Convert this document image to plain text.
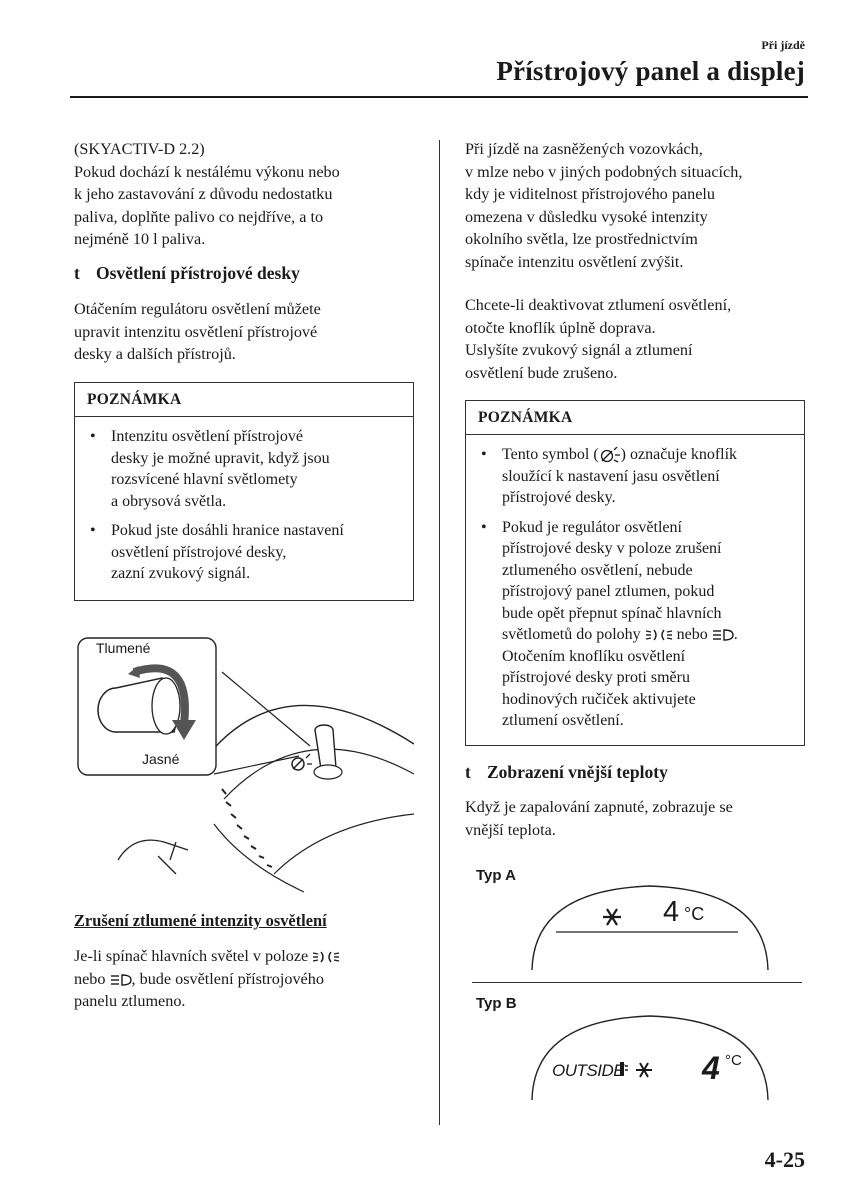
Při jízdě
Přístrojový panel a displej
(SKYACTIV-D 2.2)
Pokud dochází k nestálému výkonu nebo
k jeho zastavování z důvodu nedostatku
paliva, doplňte palivo co nejdříve, a to
nejméně 10 l paliva.
t Osvětlení přístrojové desky
Otáčením regulátoru osvětlení můžete
upravit intenzitu osvětlení přístrojové
desky a dalších přístrojů.
POZNÁMKA
• Intenzitu osvětlení přístrojové
desky je možné upravit, když jsou
rozsvícené hlavní světlomety
a obrysová světla.
• Pokud jste dosáhli hranice nastavení
osvětlení přístrojové desky,
zazní zvukový signál.
Tlumené
Jasné
Zrušení ztlumené intenzity osvětlení
Je-li spínač hlavních světel v poloze
nebo , bude osvětlení přístrojového
panelu ztlumeno.
Při jízdě na zasněžených vozovkách,
v mlze nebo v jiných podobných situacích,
kdy je viditelnost přístrojového panelu
omezena v důsledku vysoké intenzity
okolního světla, lze prostřednictvím
spínače intenzitu osvětlení zvýšit.
Chcete-li deaktivovat ztlumení osvětlení,
otočte knoflík úplně doprava.
Uslyšíte zvukový signál a ztlumení
osvětlení bude zrušeno.
POZNÁMKA
• Tento symbol ( ) označuje knoflík
sloužící k nastavení jasu osvětlení
přístrojové desky.
• Pokud je regulátor osvětlení
přístrojové desky v poloze zrušení
ztlumeného osvětlení, nebude
přístrojový panel ztlumen, pokud
bude opět přepnut spínač hlavních
světlometů do polohy nebo .
Otočením knoflíku osvětlení
přístrojové desky proti směru
hodinových ručiček aktivujete
ztlumení osvětlení.
t Zobrazení vnější teploty
Když je zapalování zapnuté, zobrazuje se
vnější teplota.
Typ A
4 °C
Typ B
OUTSIDE 4 °C
4-25
